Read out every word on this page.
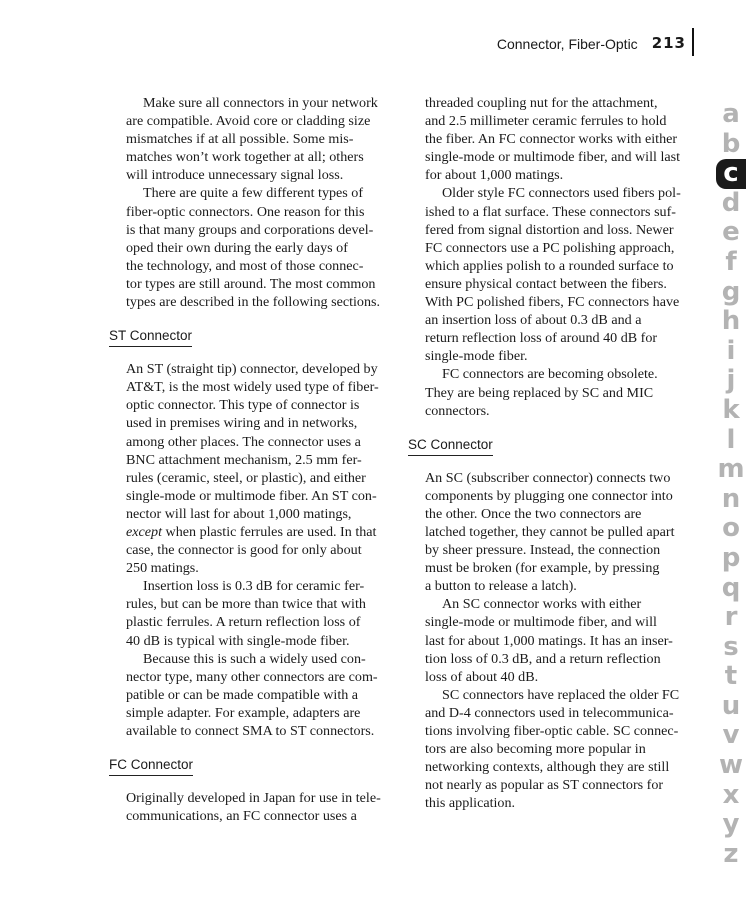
Connector, Fiber-Optic 213

Make sure all connectors in your network
are compatible. Avoid core or cladding size
mismatches if at all possible. Some mis-
matches won’t work together at all; others
will introduce unnecessary signal loss.

There are quite a few different types of
fiber-optic connectors. One reason for this
is that many groups and corporations devel-
oped their own during the early days of
the technology, and most of those connec-
tor types are still around. The most common
types are described in the following sections.

ST Connector

An ST (straight tip) connector, developed by
AT&T, is the most widely used type of fiber-
optic connector. This type of connector is
used in premises wiring and in networks,
among other places. The connector uses a
BNC attachment mechanism, 2.5 mm fer-
rules (ceramic, steel, or plastic), and either
single-mode or multimode fiber. An ST con-
nector will last for about 1,000 matings,
except when plastic ferrules are used. In that
case, the connector is good for only about
250 matings.

Insertion loss is 0.3 dB for ceramic fer-
rules, but can be more than twice that with
plastic ferrules. A return reflection loss of
40 dB is typical with single-mode fiber.

Because this is such a widely used con-
nector type, many other connectors are com-
patible or can be made compatible with a
simple adapter. For example, adapters are
available to connect SMA to ST connectors.

FC Connector

Originally developed in Japan for use in tele-
communications, an FC connector uses a

threaded coupling nut for the attachment,
and 2.5 millimeter ceramic ferrules to hold
the fiber. An FC connector works with either
single-mode or multimode fiber, and will last
for about 1,000 matings.

Older style FC connectors used fibers pol-
ished to a flat surface. These connectors suf-
fered from signal distortion and loss. Newer
FC connectors use a PC polishing approach,
which applies polish to a rounded surface to
ensure physical contact between the fibers.
With PC polished fibers, FC connectors have
an insertion loss of about 0.3 dB and a
return reflection loss of around 40 dB for
single-mode fiber.

FC connectors are becoming obsolete.
They are being replaced by SC and MIC
connectors.

SC Connector

An SC (subscriber connector) connects two
components by plugging one connector into
the other. Once the two connectors are
latched together, they cannot be pulled apart
by sheer pressure. Instead, the connection
must be broken (for example, by pressing
a button to release a latch).

An SC connector works with either
single-mode or multimode fiber, and will
last for about 1,000 matings. It has an inser-
tion loss of 0.3 dB, and a return reflection
loss of about 40 dB.

SC connectors have replaced the older FC
and D-4 connectors used in telecommunica-
tions involving fiber-optic cable. SC connec-
tors are also becoming more popular in
networking contexts, although they are still
not nearly as popular as ST connectors for
this application.

a
b
c
d
e
f
g
h
i
j
k
l
m
n
o
p
q
r
s
t
u
v
w
x
y
z
